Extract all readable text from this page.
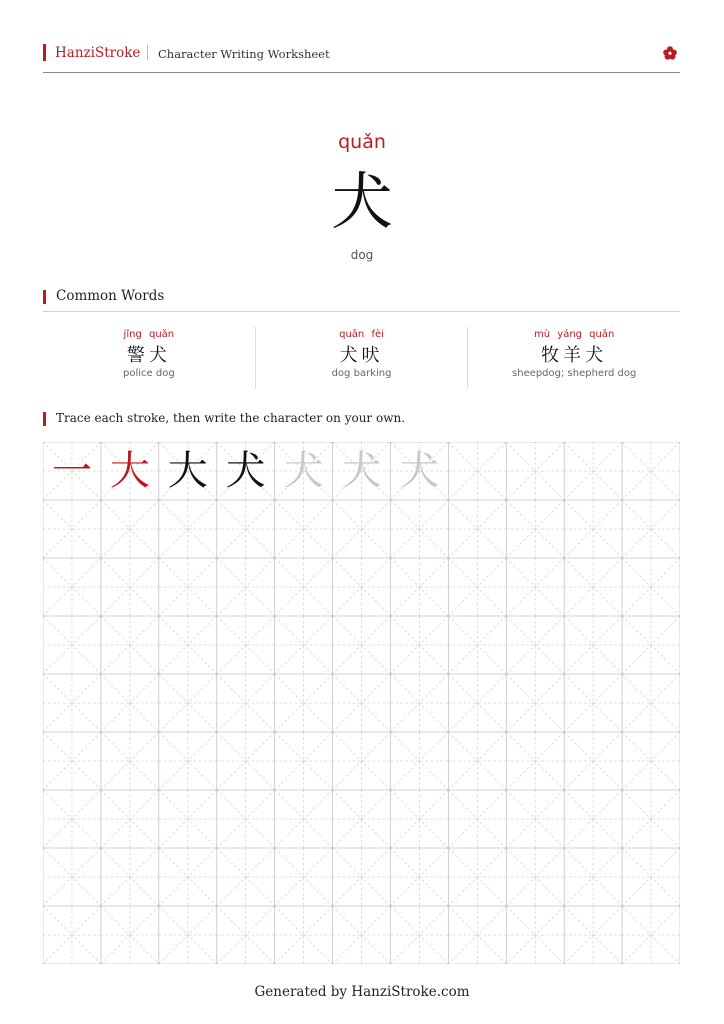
HanziStroke Character Writing Worksheet
quǎn
犬
dog
Common Words
jǐng quǎn
警犬
police dog
quǎn fèi
犬吠
dog barking
mù yáng quǎn
牧羊犬
sheepdog; shepherd dog
Trace each stroke, then write the character on your own.
一 大 大 犬 犬 犬 犬
Generated by HanziStroke.com
